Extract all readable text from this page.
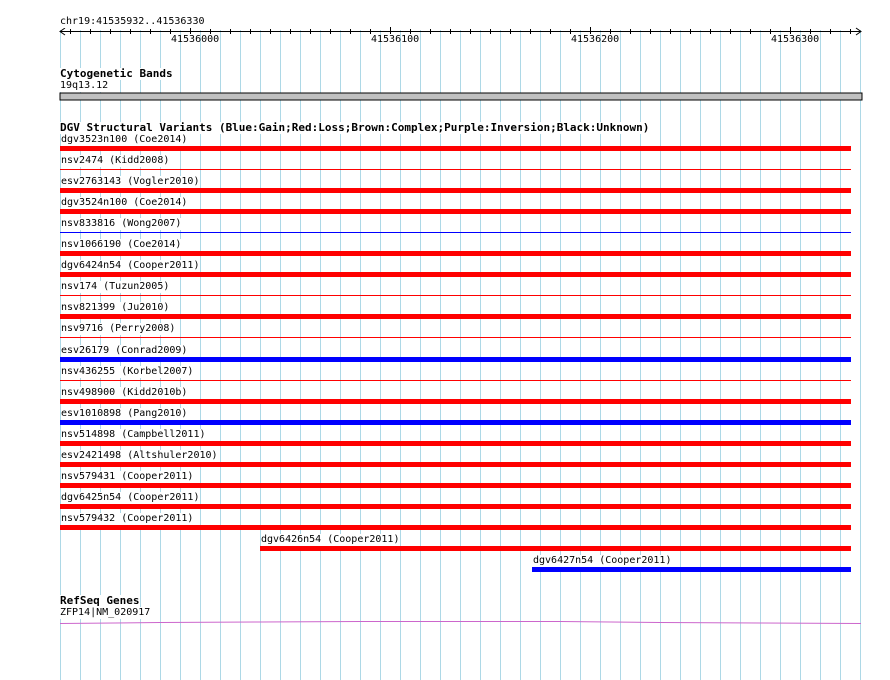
chr19:41535932..41536330
Cytogenetic Bands
19q13.12
DGV Structural Variants (Blue:Gain;Red:Loss;Brown:Complex;Purple:Inversion;Black:Unknown)
RefSeq Genes
ZFP14|NM_020917
41536000	41536100	41536200	41536300
dgv3523n100 (Coe2014)
nsv2474 (Kidd2008)
esv2763143 (Vogler2010)
dgv3524n100 (Coe2014)
nsv833816 (Wong2007)
nsv1066190 (Coe2014)
dgv6424n54 (Cooper2011)
nsv174 (Tuzun2005)
nsv821399 (Ju2010)
nsv9716 (Perry2008)
esv26179 (Conrad2009)
nsv436255 (Korbel2007)
nsv498900 (Kidd2010b)
esv1010898 (Pang2010)
nsv514898 (Campbell2011)
esv2421498 (Altshuler2010)
nsv579431 (Cooper2011)
dgv6425n54 (Cooper2011)
nsv579432 (Cooper2011)
dgv6426n54 (Cooper2011)
dgv6427n54 (Cooper2011)
